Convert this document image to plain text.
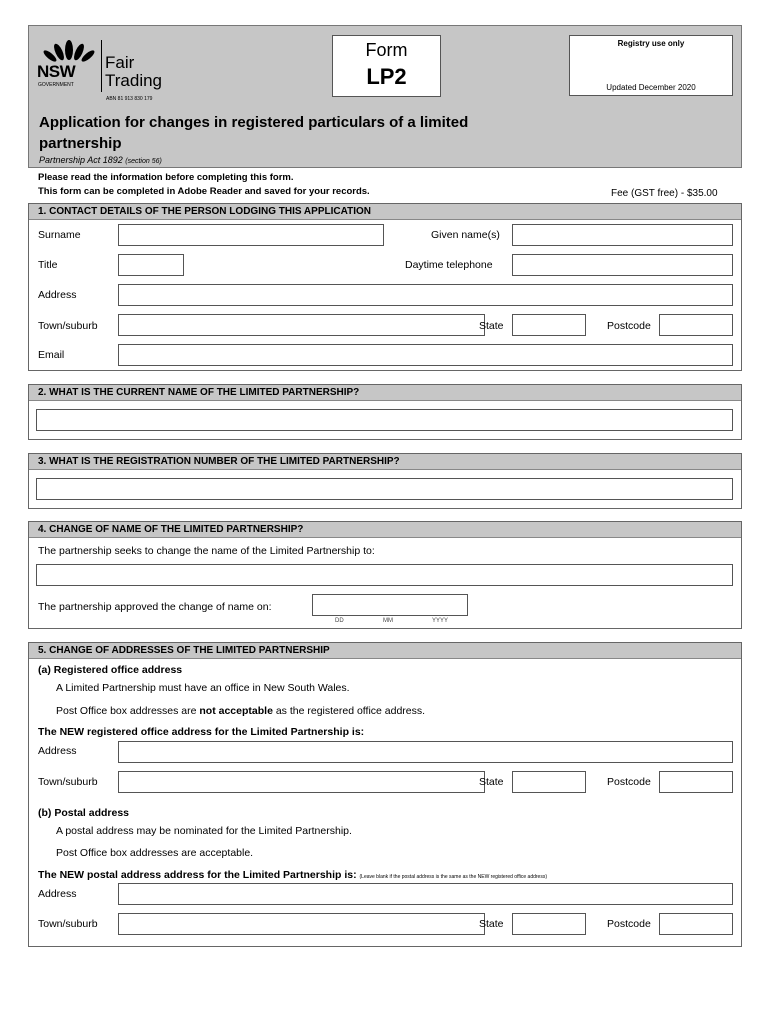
NSW
GOVERNMENT
Fair
Trading
ABN 81 913 830 179
Form
LP2
Registry use only
Updated December 2020
Application for changes in registered particulars of a limited partnership
Partnership Act 1892 (section 56)
Please read the information before completing this form.
This form can be completed in Adobe Reader and saved for your records.	Fee (GST free) - $35.00
1. CONTACT DETAILS OF THE PERSON LODGING THIS APPLICATION
Surname	Given name(s)
Title	Daytime telephone
Address
Town/suburb	State	Postcode
Email
2. WHAT IS THE CURRENT NAME OF THE LIMITED PARTNERSHIP?
3. WHAT IS THE REGISTRATION NUMBER OF THE LIMITED PARTNERSHIP?
4. CHANGE OF NAME OF THE LIMITED PARTNERSHIP?
The partnership seeks to change the name of the Limited Partnership to:
The partnership approved the change of name on:
DD	MM	YYYY
5. CHANGE OF ADDRESSES OF THE LIMITED PARTNERSHIP
(a) Registered office address
A Limited Partnership must have an office in New South Wales.
Post Office box addresses are not acceptable as the registered office address.
The NEW registered office address for the Limited Partnership is:
Address
Town/suburb	State	Postcode
(b) Postal address
A postal address may be nominated for the Limited Partnership.
Post Office box addresses are acceptable.
The NEW postal address address for the Limited Partnership is: (Leave blank if the postal address is the same as the NEW registered office address)
Address
Town/suburb	State	Postcode
